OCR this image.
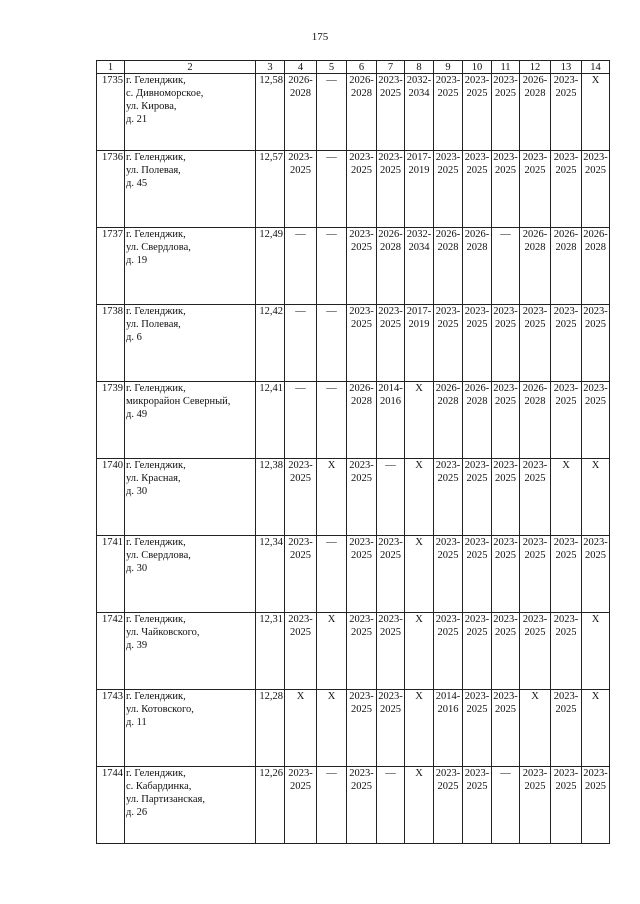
175
1	2	3	4	5	6	7	8	9	10	11	12	13	14
1735	г. Геленджик,
с. Дивноморское,
ул. Кирова,
д. 21	12,58	2026-
2028	—	2026-
2028	2023-
2025	2032-
2034	2023-
2025	2023-
2025	2023-
2025	2026-
2028	2023-
2025	Х

1736	г. Геленджик,
ул. Полевая,
д. 45	12,57	2023-
2025	—	2023-
2025	2023-
2025	2017-
2019	2023-
2025	2023-
2025	2023-
2025	2023-
2025	2023-
2025	2023-
2025

1737	г. Геленджик,
ул. Свердлова,
д. 19	12,49	—	—	2023-
2025	2026-
2028	2032-
2034	2026-
2028	2026-
2028	—	2026-
2028	2026-
2028	2026-
2028

1738	г. Геленджик,
ул. Полевая,
д. 6	12,42	—	—	2023-
2025	2023-
2025	2017-
2019	2023-
2025	2023-
2025	2023-
2025	2023-
2025	2023-
2025	2023-
2025

1739	г. Геленджик,
микрорайон Северный,
д. 49	12,41	—	—	2026-
2028	2014-
2016	Х	2026-
2028	2026-
2028	2023-
2025	2026-
2028	2023-
2025	2023-
2025

1740	г. Геленджик,
ул. Красная,
д. 30	12,38	2023-
2025	Х	2023-
2025	—	Х	2023-
2025	2023-
2025	2023-
2025	2023-
2025	Х	Х

1741	г. Геленджик,
ул. Свердлова,
д. 30	12,34	2023-
2025	—	2023-
2025	2023-
2025	Х	2023-
2025	2023-
2025	2023-
2025	2023-
2025	2023-
2025	2023-
2025

1742	г. Геленджик,
ул. Чайковского,
д. 39	12,31	2023-
2025	Х	2023-
2025	2023-
2025	Х	2023-
2025	2023-
2025	2023-
2025	2023-
2025	2023-
2025	Х

1743	г. Геленджик,
ул. Котовского,
д. 11	12,28	Х	Х	2023-
2025	2023-
2025	Х	2014-
2016	2023-
2025	2023-
2025	Х	2023-
2025	Х

1744	г. Геленджик,
с. Кабардинка,
ул. Партизанская,
д. 26	12,26	2023-
2025	—	2023-
2025	—	Х	2023-
2025	2023-
2025	—	2023-
2025	2023-
2025	2023-
2025
